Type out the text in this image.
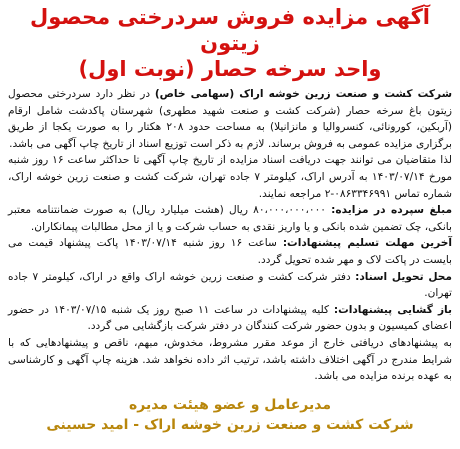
آگهی مزایده فروش سردرختی محصول زیتون
واحد سرخه حصار (نوبت اول)

شرکت کشت و صنعت زرین خوشه اراک (سهامی خاص) در نظر دارد سردرختی محصول زیتون باغ سرخه حصار (شرکت کشت و صنعت شهید مطهری) شهرستان پاکدشت شامل ارقام (آربکین، کورونائی، کنسروالیا و مانزانیلا) به مساحت حدود ۲۰۸ هکتار را به صورت یکجا از طریق برگزاری مزایده عمومی به فروش برساند. لازم به ذکر است توزیع اسناد از تاریخ چاپ آگهی می باشد.

لذا متقاضیان می توانند جهت دریافت اسناد مزایده از تاریخ چاپ آگهی تا حداکثر ساعت ۱۶ روز شنبه مورخ ۱۴۰۳/۰۷/۱۴ به آدرس اراک، کیلومتر ۷ جاده تهران، شرکت کشت و صنعت زرین خوشه اراک، شماره تماس ۰۸۶۳۳۴۶۹۹۱-۲ مراجعه نمایند.

مبلغ سپرده در مزایده: ۸۰،۰۰۰،۰۰۰،۰۰۰ ریال (هشت میلیارد ریال) به صورت ضمانتنامه معتبر بانکی، چک تضمین شده بانکی و یا واریز نقدی به حساب شرکت و یا از محل مطالبات پیمانکاران.

آخرین مهلت تسلیم پیشنهادات: ساعت ۱۶ روز شنبه ۱۴۰۳/۰۷/۱۴ پاکت پیشنهاد قیمت می بایست در پاکت لاک و مهر شده تحویل گردد.

محل تحویل اسناد: دفتر شرکت کشت و صنعت زرین خوشه اراک واقع در اراک، کیلومتر ۷ جاده تهران.

باز گشایی پیشنهادات: کلیه پیشنهادات در ساعت ۱۱ صبح روز یک شنبه ۱۴۰۳/۰۷/۱۵ در حضور اعضای کمیسیون و بدون حضور شرکت کنندگان در دفتر شرکت بازگشایی می گردد.

به پیشنهادهای دریافتی خارج از موعد مقرر مشروط، مخدوش، مبهم، ناقص و پیشنهادهایی که با شرایط مندرج در آگهی اختلاف داشته باشد، ترتیب اثر داده نخواهد شد. هزینه چاپ آگهی و کارشناسی به عهده برنده مزایده می باشد.

مدیرعامل و عضو هیئت مدیره
شرکت کشت و صنعت زرین خوشه اراک - امید حسینی
